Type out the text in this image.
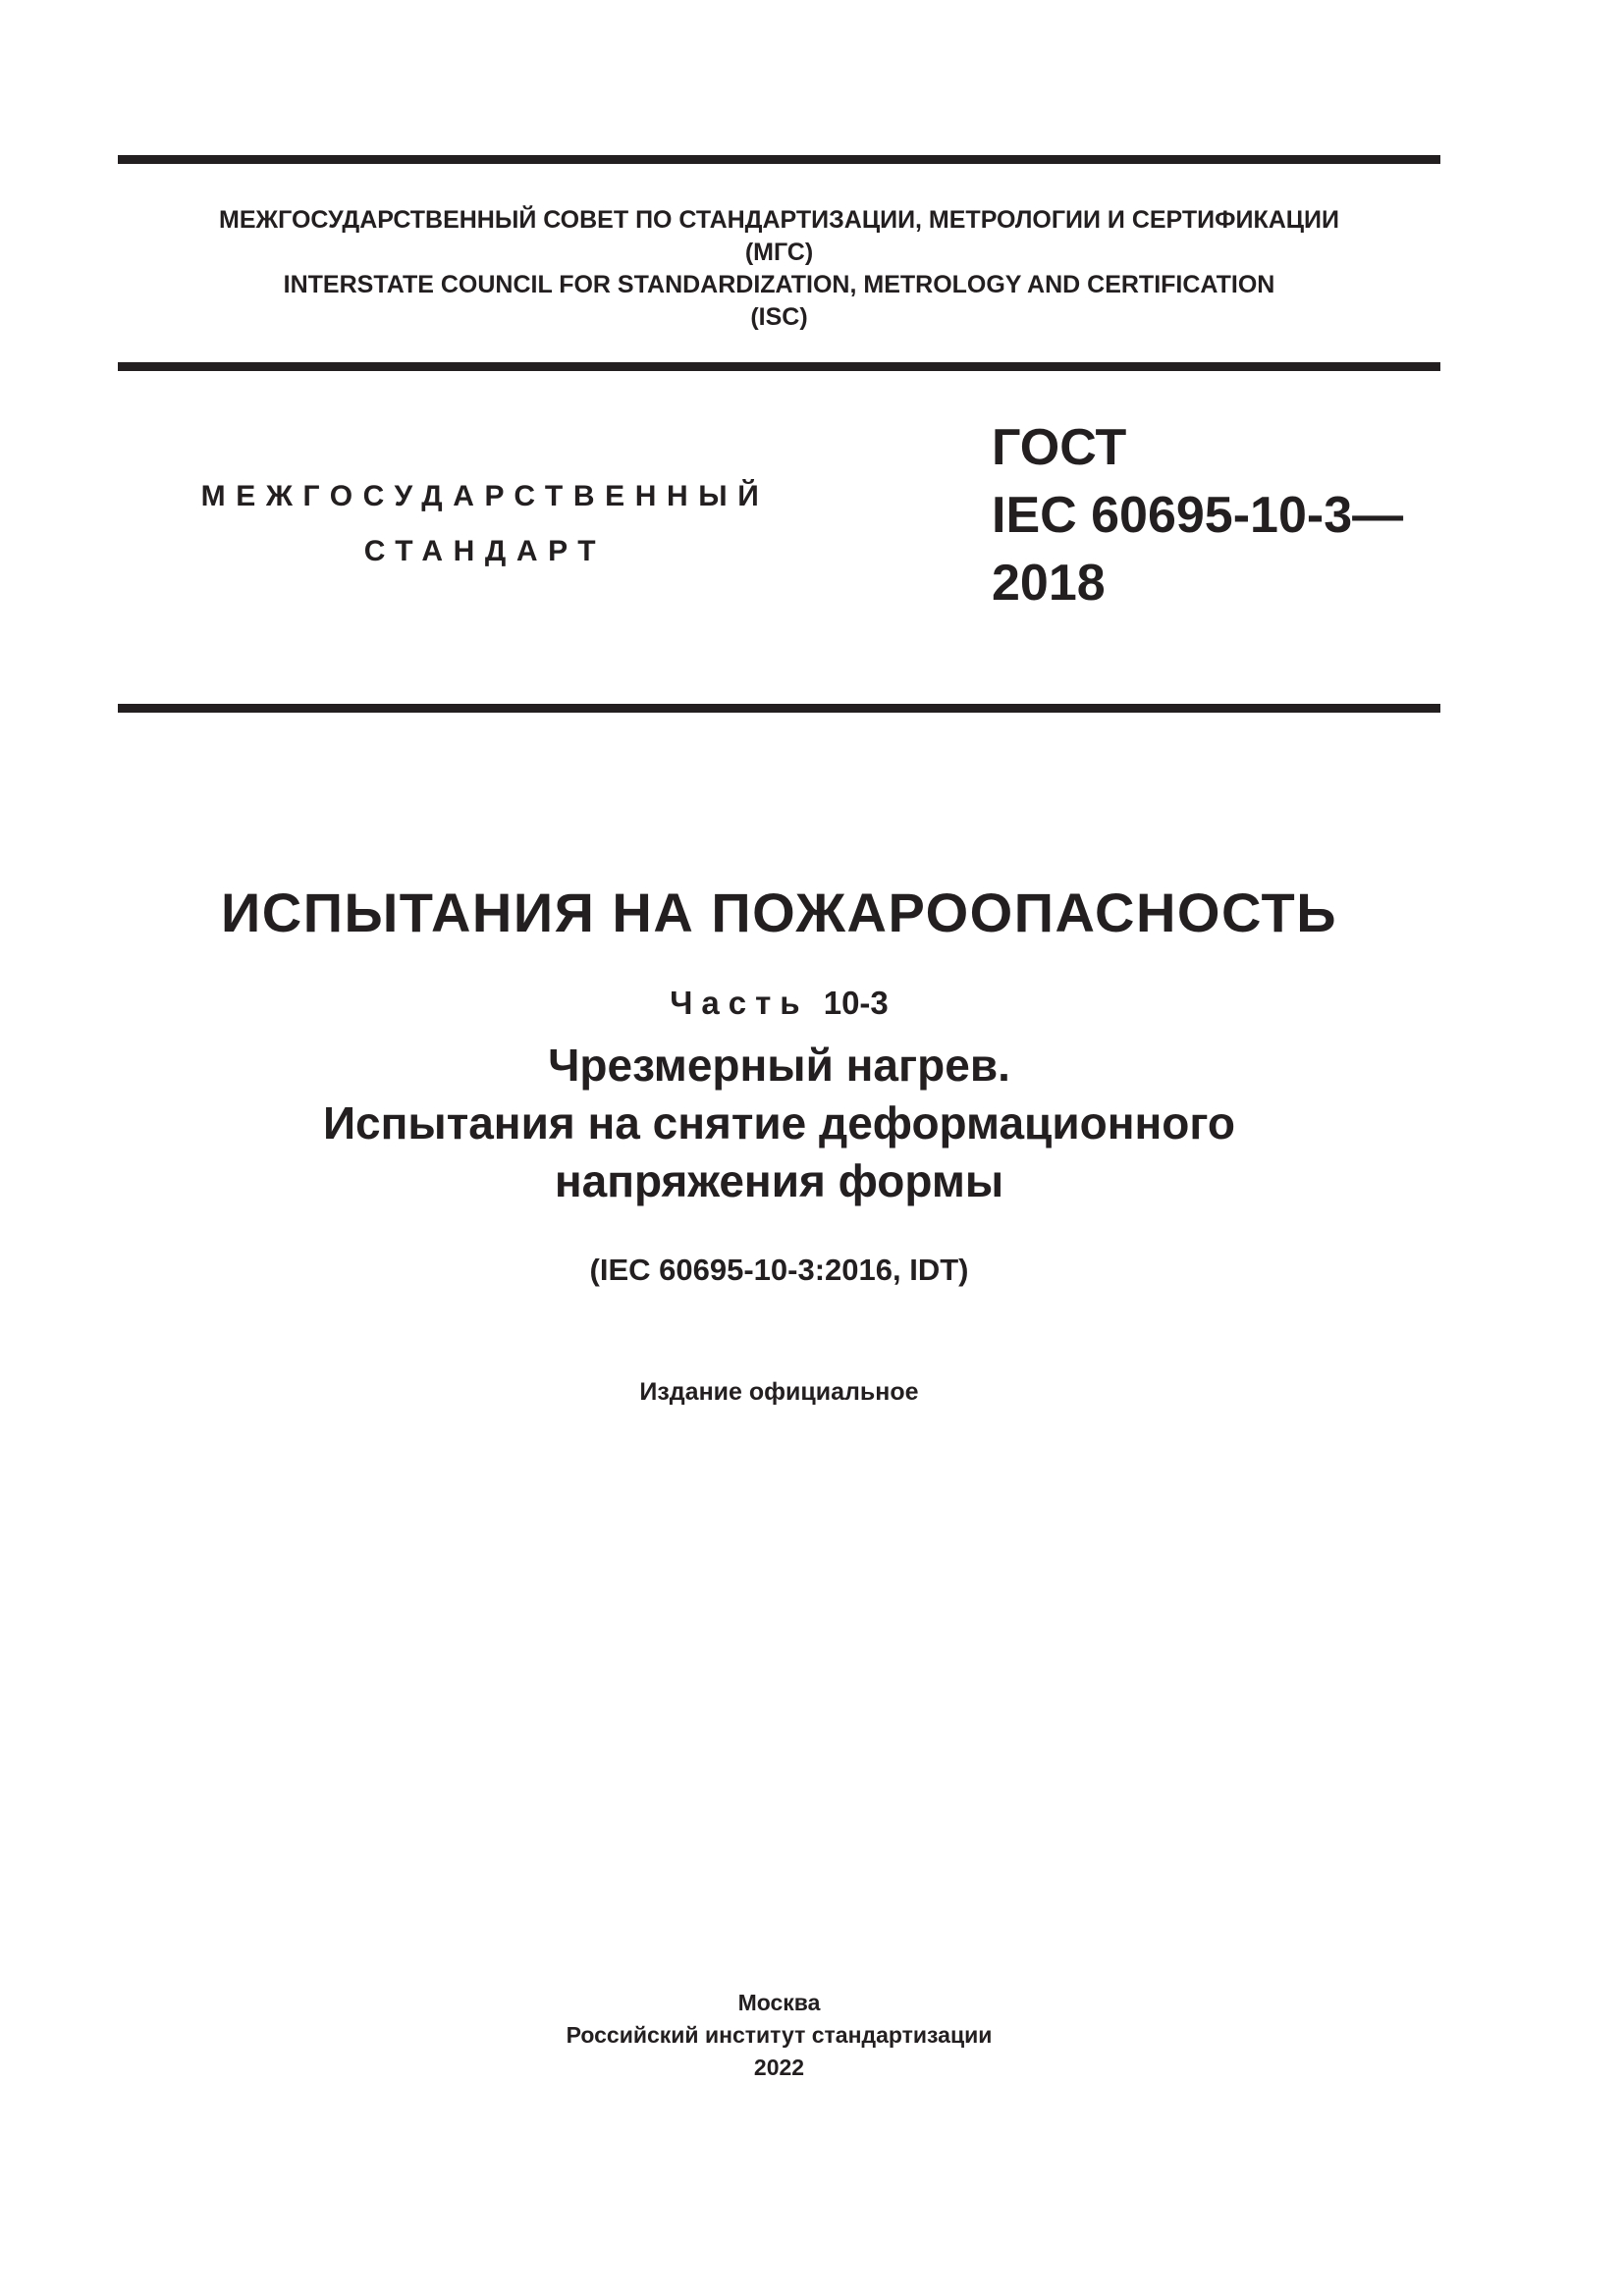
МЕЖГОСУДАРСТВЕННЫЙ СОВЕТ ПО СТАНДАРТИЗАЦИИ, МЕТРОЛОГИИ И СЕРТИФИКАЦИИ
(МГС)
INTERSTATE COUNCIL FOR STANDARDIZATION, METROLOGY AND CERTIFICATION
(ISC)
МЕЖГОСУДАРСТВЕННЫЙ
СТАНДАРТ
ГОСТ
IEC 60695-10-3—
2018
ИСПЫТАНИЯ НА ПОЖАРООПАСНОСТЬ
Часть 10-3
Чрезмерный нагрев.
Испытания на снятие деформационного
напряжения формы
(IEC 60695-10-3:2016, IDT)
Издание официальное
Москва
Российский институт стандартизации
2022
